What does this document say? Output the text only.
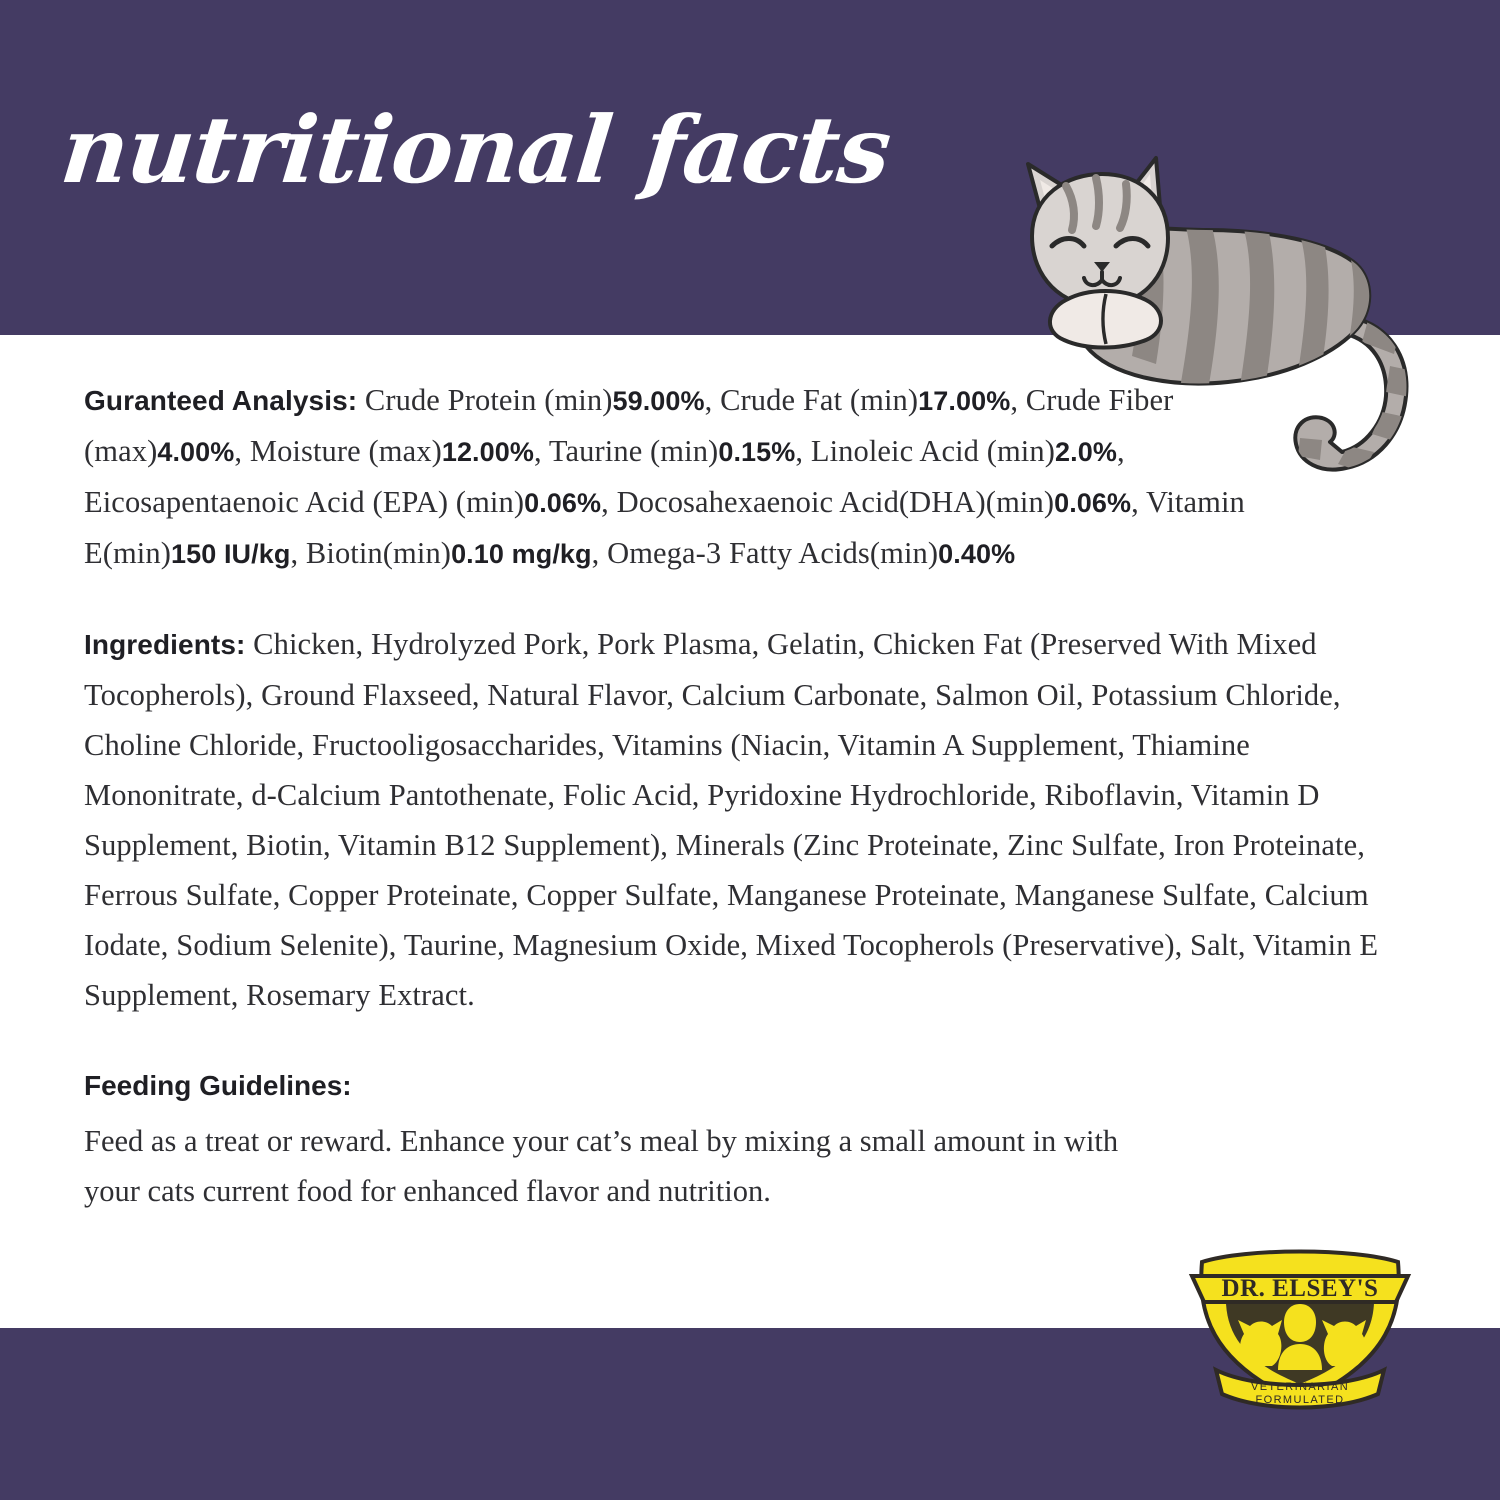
nutritional facts

Guranteed Analysis: Crude Protein (min)59.00%, Crude Fat (min)17.00%, Crude Fiber (max)4.00%, Moisture (max)12.00%, Taurine (min)0.15%, Linoleic Acid (min)2.0%, Eicosapentaenoic Acid (EPA) (min)0.06%, Docosahexaenoic Acid(DHA)(min)0.06%, Vitamin E(min)150 IU/kg, Biotin(min)0.10 mg/kg, Omega-3 Fatty Acids(min)0.40%

Ingredients: Chicken, Hydrolyzed Pork, Pork Plasma, Gelatin, Chicken Fat (Preserved With Mixed Tocopherols), Ground Flaxseed, Natural Flavor, Calcium Carbonate, Salmon Oil, Potassium Chloride, Choline Chloride, Fructooligosaccharides, Vitamins (Niacin, Vitamin A Supplement, Thiamine Mononitrate, d-Calcium Pantothenate, Folic Acid, Pyridoxine Hydrochloride, Riboflavin, Vitamin D Supplement, Biotin, Vitamin B12 Supplement), Minerals (Zinc Proteinate, Zinc Sulfate, Iron Proteinate, Ferrous Sulfate, Copper Proteinate, Copper Sulfate, Manganese Proteinate, Manganese Sulfate, Calcium Iodate, Sodium Selenite), Taurine, Magnesium Oxide, Mixed Tocopherols (Preservative), Salt, Vitamin E Supplement, Rosemary Extract.

Feeding Guidelines:

Feed as a treat or reward. Enhance your cat’s meal by mixing a small amount in with your cats current food for enhanced flavor and nutrition.

DR. ELSEY'S
VETERINARIAN
FORMULATED
